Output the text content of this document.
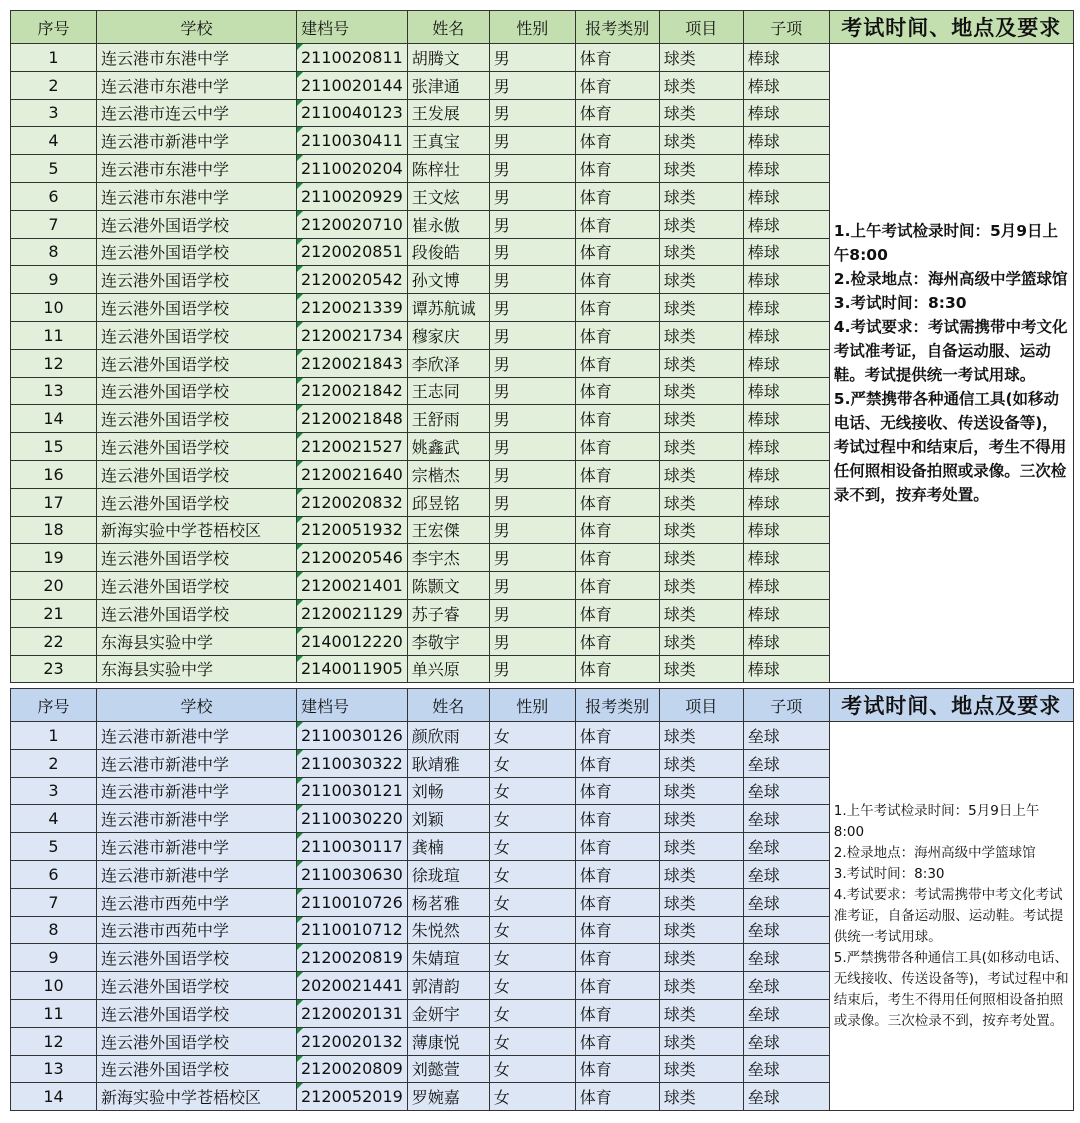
序号	学校	建档号	姓名	性别	报考类别	项目	子项	考试时间、地点及要求
1	连云港市东港中学	2110020811	胡腾文	男	体育	球类	棒球	1.上午考试检录时间：5月9日上午8:00
2.检录地点：海州高级中学篮球馆
3.考试时间：8:30
4.考试要求：考试需携带中考文化考试准考证，自备运动服、运动鞋。考试提供统一考试用球。
5.严禁携带各种通信工具(如移动电话、无线接收、传送设备等)，考试过程中和结束后，考生不得用任何照相设备拍照或录像。三次检录不到，按弃考处置。

2	连云港市东港中学	2110020144	张津通	男	体育	球类	棒球	
3	连云港市连云中学	2110040123	王发展	男	体育	球类	棒球	
4	连云港市新港中学	2110030411	王真宝	男	体育	球类	棒球	
5	连云港市东港中学	2110020204	陈梓壮	男	体育	球类	棒球	
6	连云港市东港中学	2110020929	王文炫	男	体育	球类	棒球	
7	连云港外国语学校	2120020710	崔永傲	男	体育	球类	棒球	
8	连云港外国语学校	2120020851	段俊皓	男	体育	球类	棒球	
9	连云港外国语学校	2120020542	孙文博	男	体育	球类	棒球	
10	连云港外国语学校	2120021339	谭苏航诚	男	体育	球类	棒球	
11	连云港外国语学校	2120021734	穆家庆	男	体育	球类	棒球	
12	连云港外国语学校	2120021843	李欣泽	男	体育	球类	棒球	
13	连云港外国语学校	2120021842	王志同	男	体育	球类	棒球	
14	连云港外国语学校	2120021848	王舒雨	男	体育	球类	棒球	
15	连云港外国语学校	2120021527	姚鑫武	男	体育	球类	棒球	
16	连云港外国语学校	2120021640	宗楷杰	男	体育	球类	棒球	
17	连云港外国语学校	2120020832	邱昱铭	男	体育	球类	棒球	
18	新海实验中学苍梧校区	2120051932	王宏傑	男	体育	球类	棒球	
19	连云港外国语学校	2120020546	李宇杰	男	体育	球类	棒球	
20	连云港外国语学校	2120021401	陈颢文	男	体育	球类	棒球	
21	连云港外国语学校	2120021129	苏子睿	男	体育	球类	棒球	
22	东海县实验中学	2140012220	李敬宇	男	体育	球类	棒球	
23	东海县实验中学	2140011905	单兴原	男	体育	球类	棒球	
序号	学校	建档号	姓名	性别	报考类别	项目	子项	考试时间、地点及要求
1	连云港市新港中学	2110030126	颜欣雨	女	体育	球类	垒球	1.上午考试检录时间：5月9日上午8:00
2.检录地点：海州高级中学篮球馆
3.考试时间：8:30
4.考试要求：考试需携带中考文化考试准考证，自备运动服、运动鞋。考试提供统一考试用球。
5.严禁携带各种通信工具(如移动电话、无线接收、传送设备等)，考试过程中和结束后，考生不得用任何照相设备拍照或录像。三次检录不到，按弃考处置。

2	连云港市新港中学	2110030322	耿靖雅	女	体育	球类	垒球	
3	连云港市新港中学	2110030121	刘畅	女	体育	球类	垒球	
4	连云港市新港中学	2110030220	刘颖	女	体育	球类	垒球	
5	连云港市新港中学	2110030117	龚楠	女	体育	球类	垒球	
6	连云港市新港中学	2110030630	徐珑瑄	女	体育	球类	垒球	
7	连云港市西苑中学	2110010726	杨茗雅	女	体育	球类	垒球	
8	连云港市西苑中学	2110010712	朱悦然	女	体育	球类	垒球	
9	连云港外国语学校	2120020819	朱婧瑄	女	体育	球类	垒球	
10	连云港外国语学校	2020021441	郭清韵	女	体育	球类	垒球	
11	连云港外国语学校	2120020131	金妍宇	女	体育	球类	垒球	
12	连云港外国语学校	2120020132	薄康悦	女	体育	球类	垒球	
13	连云港外国语学校	2120020809	刘懿萱	女	体育	球类	垒球	
14	新海实验中学苍梧校区	2120052019	罗婉嘉	女	体育	球类	垒球	
